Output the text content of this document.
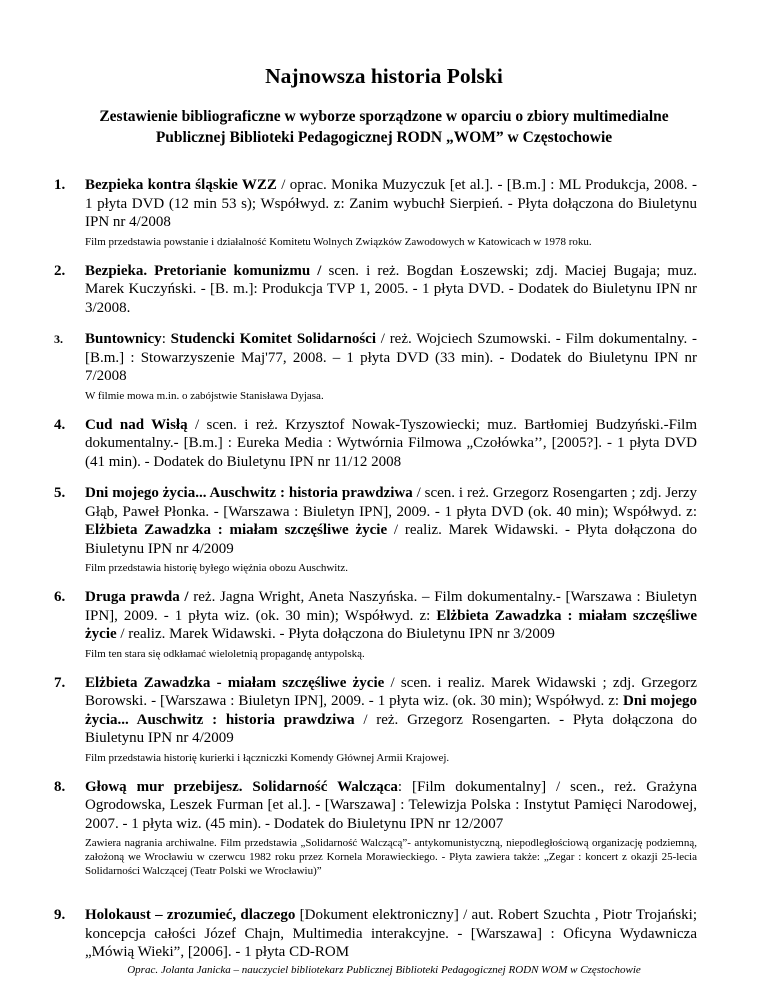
Najnowsza historia Polski
Zestawienie bibliograficzne w wyborze sporządzone w oparciu o zbiory multimedialne
Publicznej Biblioteki Pedagogicznej RODN „WOM” w Częstochowie
1. Bezpieka kontra śląskie WZZ / oprac. Monika Muzyczuk [et al.]. - [B.m.] : ML Produkcja, 2008. - 1 płyta DVD (12 min 53 s); Współwyd. z: Zanim wybuchł Sierpień. - Płyta dołączona do Biuletynu IPN nr 4/2008
Film przedstawia powstanie i działalność Komitetu Wolnych Związków Zawodowych w Katowicach w 1978 roku.
2. Bezpieka. Pretorianie komunizmu / scen. i reż. Bogdan Łoszewski; zdj. Maciej Bugaja; muz. Marek Kuczyński. - [B. m.]: Produkcja TVP 1, 2005. - 1 płyta DVD. - Dodatek do Biuletynu IPN nr 3/2008.
3. Buntownicy: Studencki Komitet Solidarności / reż. Wojciech Szumowski. - Film dokumentalny. - [B.m.] : Stowarzyszenie Maj'77, 2008. – 1 płyta DVD (33 min). - Dodatek do Biuletynu IPN nr 7/2008
W filmie mowa m.in. o zabójstwie Stanisława Dyjasa.
4. Cud nad Wisłą / scen. i reż. Krzysztof Nowak-Tyszowiecki; muz. Bartłomiej Budzyński.-Film dokumentalny.- [B.m.] : Eureka Media : Wytwórnia Filmowa „Czołówka’’, [2005?]. - 1 płyta DVD (41 min). - Dodatek do Biuletynu IPN nr 11/12 2008
5. Dni mojego życia... Auschwitz : historia prawdziwa / scen. i reż. Grzegorz Rosengarten ; zdj. Jerzy Głąb, Paweł Płonka. - [Warszawa : Biuletyn IPN], 2009. - 1 płyta DVD (ok. 40 min); Współwyd. z: Elżbieta Zawadzka : miałam szczęśliwe życie / realiz. Marek Widawski. - Płyta dołączona do Biuletynu IPN nr 4/2009
Film przedstawia historię byłego więźnia obozu Auschwitz.
6. Druga prawda / reż. Jagna Wright, Aneta Naszyńska. – Film dokumentalny.- [Warszawa : Biuletyn IPN], 2009. - 1 płyta wiz. (ok. 30 min); Współwyd. z: Elżbieta Zawadzka : miałam szczęśliwe życie / realiz. Marek Widawski. - Płyta dołączona do Biuletynu IPN nr 3/2009
Film ten stara się odkłamać wieloletnią propagandę antypolską.
7. Elżbieta Zawadzka - miałam szczęśliwe życie / scen. i realiz. Marek Widawski ; zdj. Grzegorz Borowski. - [Warszawa : Biuletyn IPN], 2009. - 1 płyta wiz. (ok. 30 min); Współwyd. z: Dni mojego życia... Auschwitz : historia prawdziwa / reż. Grzegorz Rosengarten. - Płyta dołączona do Biuletynu IPN nr 4/2009
Film przedstawia historię kurierki i łączniczki Komendy Głównej Armii Krajowej.
8. Głową mur przebijesz. Solidarność Walcząca: [Film dokumentalny] / scen., reż. Grażyna Ogrodowska, Leszek Furman [et al.]. - [Warszawa] : Telewizja Polska : Instytut Pamięci Narodowej, 2007. - 1 płyta wiz. (45 min). - Dodatek do Biuletynu IPN nr 12/2007
Zawiera nagrania archiwalne. Film przedstawia „Solidarność Walczącą”- antykomunistyczną, niepodległościową organizację podziemną, założoną we Wrocławiu w czerwcu 1982 roku przez Kornela Morawieckiego. - Płyta zawiera także: „Zegar : koncert z okazji 25-lecia Solidarności Walczącej (Teatr Polski we Wrocławiu)”
9. Holokaust – zrozumieć, dlaczego [Dokument elektroniczny] / aut. Robert Szuchta , Piotr Trojański; koncepcja całości Józef Chajn, Multimedia interakcyjne. - [Warszawa] : Oficyna Wydawnicza „Mówią Wieki”, [2006]. - 1 płyta CD-ROM
Oprac. Jolanta Janicka – nauczyciel bibliotekarz Publicznej Biblioteki Pedagogicznej RODN WOM w Częstochowie
